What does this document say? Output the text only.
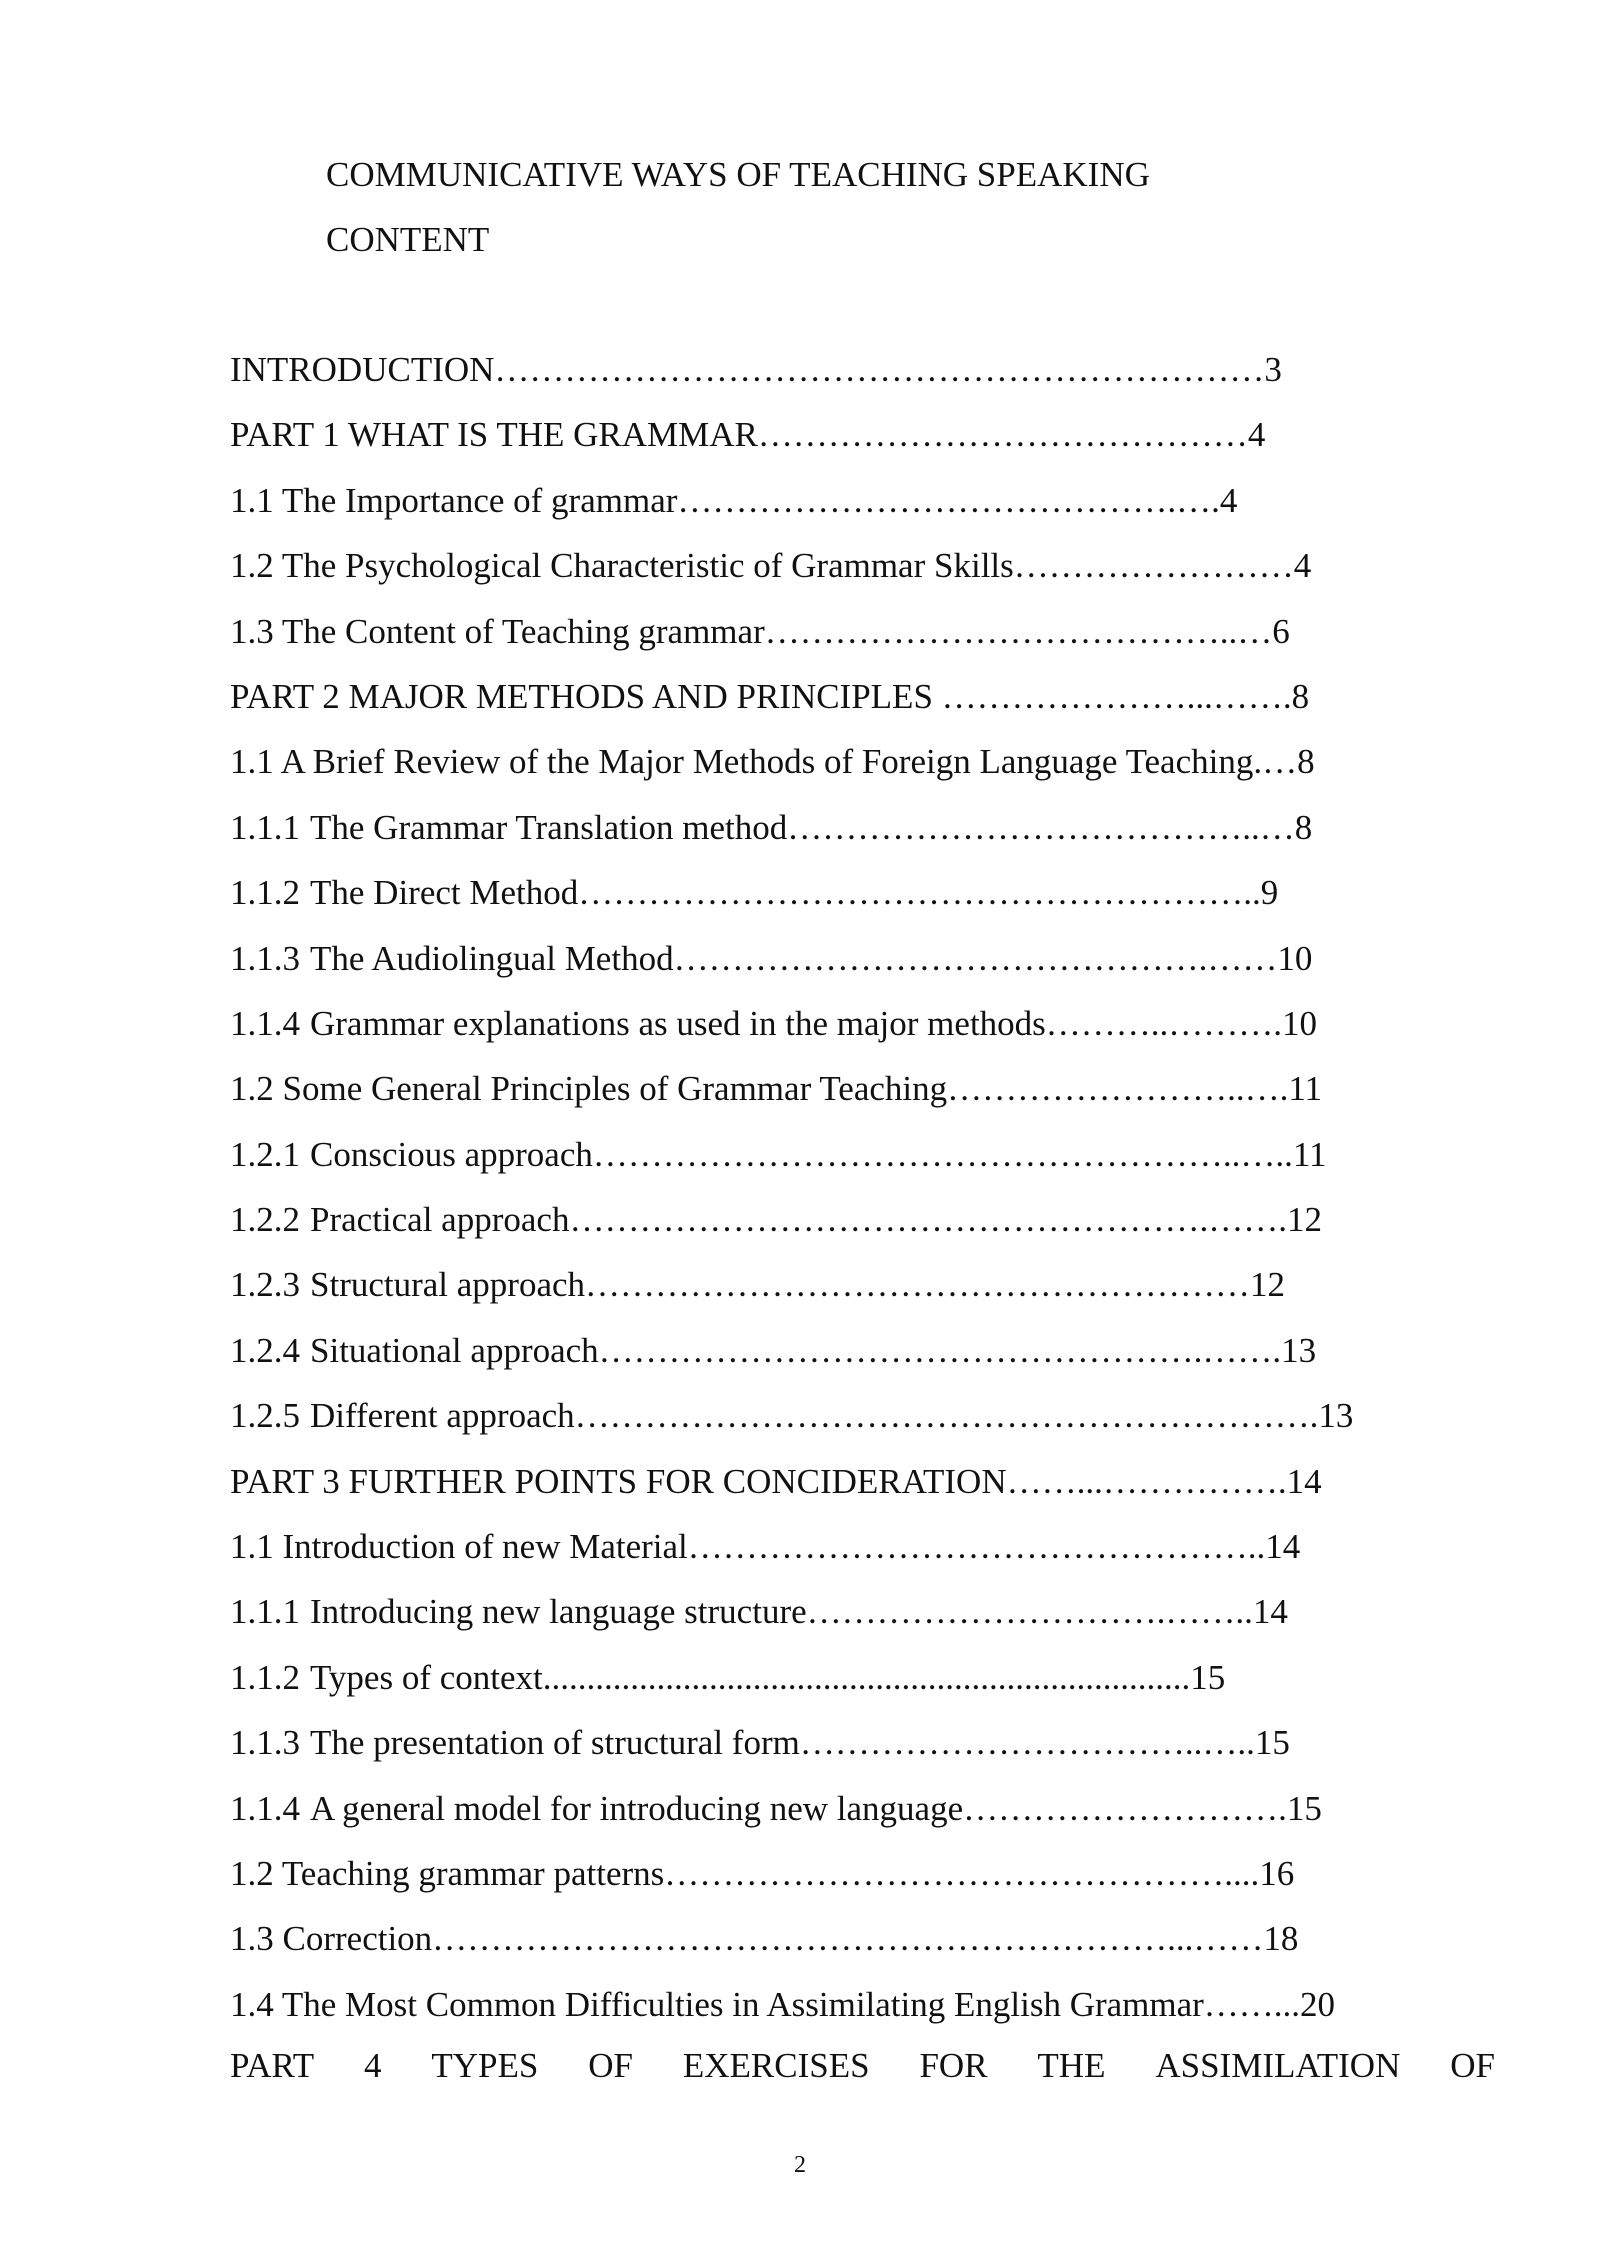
COMMUNICATIVE WAYS OF TEACHING SPEAKING
CONTENT
INTRODUCTION…………………………………………………………3
PART 1 WHAT IS THE GRAMMAR……………………………………4
1.1 The Importance of grammar…………………………………….….4
1.2 The Psychological Characteristic of Grammar Skills……………………4
1.3 The Content of Teaching grammar…………………………………..…6
PART 2 MAJOR METHODS AND PRINCIPLES …………………...…….8
1.1 A Brief Review of the Major Methods of Foreign Language Teaching.…8
1.1.1 The Grammar Translation method…………………………………..…8
1.1.2 The Direct Method…………………………………………………..9
1.1.3 The Audiolingual Method……………………………………….……10
1.1.4 Grammar explanations as used in the major methods………..……….10
1.2 Some General Principles of Grammar Teaching……………………..….11
1.2.1 Conscious approach………………………………………………..…..11
1.2.2 Practical approach……………………………………………….…….12
1.2.3 Structural approach…………………………………………………12
1.2.4 Situational approach…………………………………………….…….13
1.2.5 Different approach……………………………………………………….13
PART 3 FURTHER POINTS FOR CONCIDERATION……...…………….14
1.1 Introduction of new Material…………………………………………..14
1.1.1 Introducing new language structure………………………….……..14
1.1.2 Types of context..........................................................................15
1.1.3 The presentation of structural form……………………………..…..15
1.1.4 A general model for introducing new language……………………….15
1.2 Teaching grammar patterns…………………………………………....16
1.3 Correction………………………………………………………...……18
1.4 The Most Common Difficulties in Assimilating English Grammar……...20
PART 4 TYPES OF EXERCISES FOR THE ASSIMILATION OF
2
